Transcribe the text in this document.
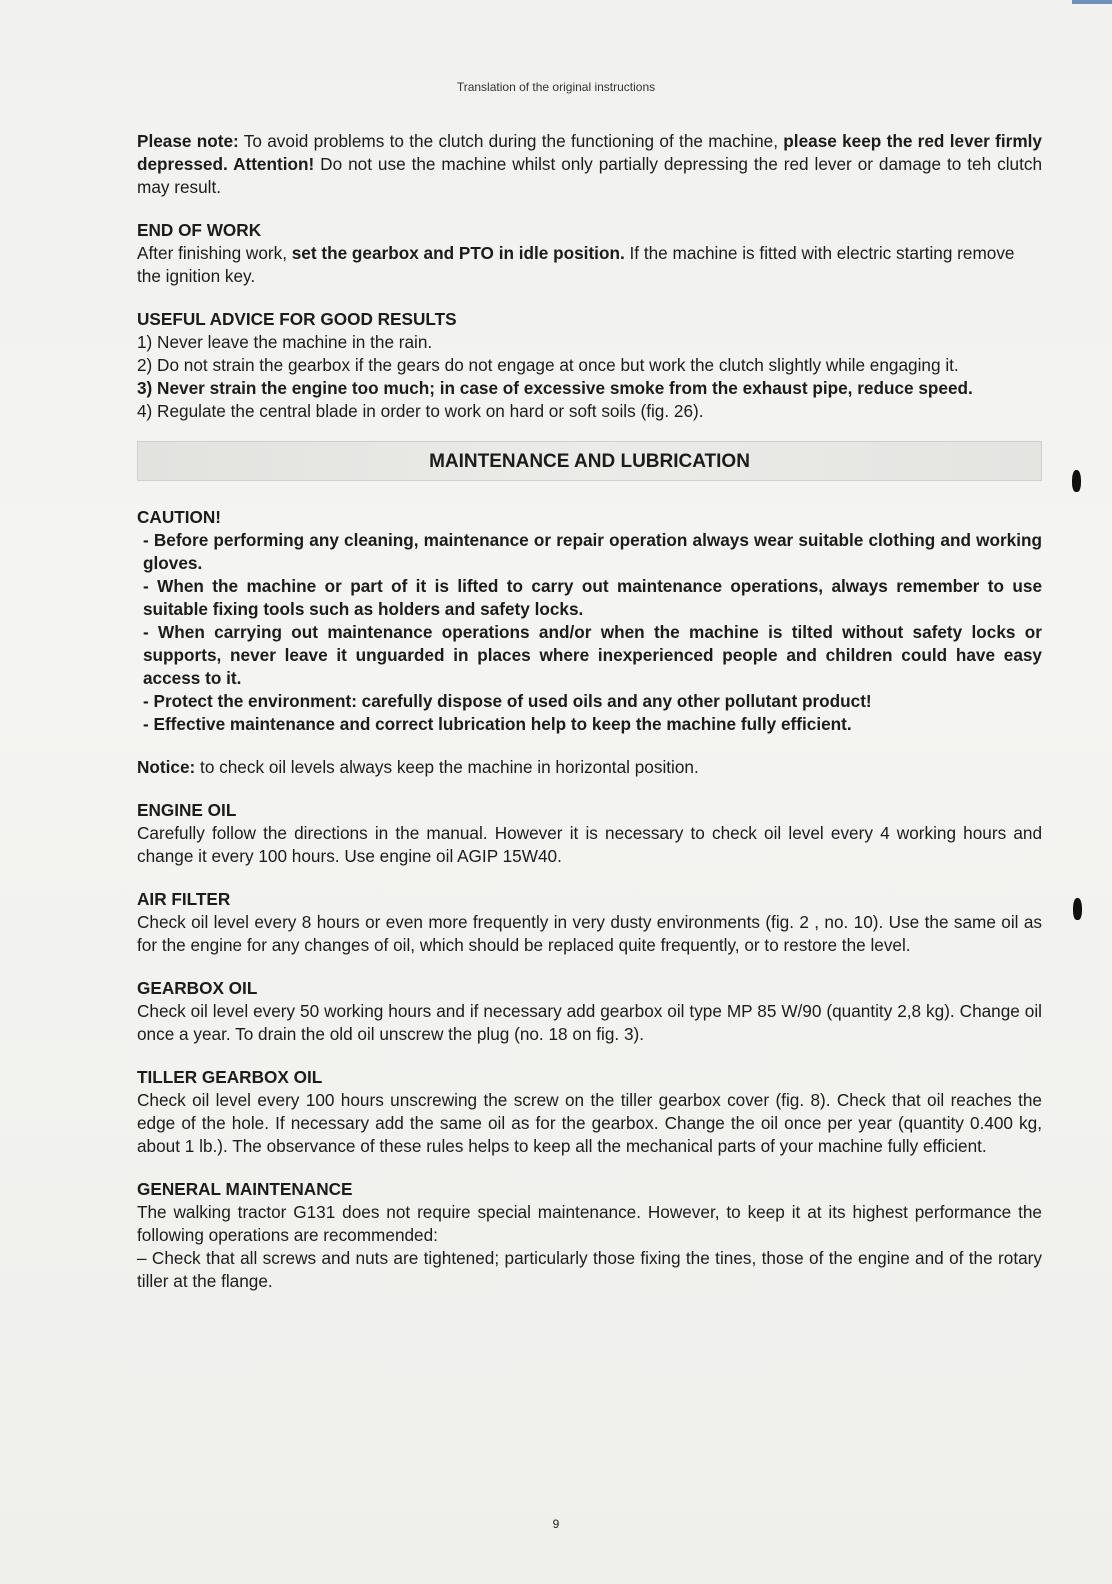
Translation of the original instructions

Please note: To avoid problems to the clutch during the functioning of the machine, please keep the red lever firmly depressed. Attention! Do not use the machine whilst only partially depressing the red lever or damage to teh clutch may result.

END OF WORK

After finishing work, set the gearbox and PTO in idle position. If the machine is fitted with electric starting remove the ignition key.

USEFUL ADVICE FOR GOOD RESULTS

1) Never leave the machine in the rain.

2) Do not strain the gearbox if the gears do not engage at once but work the clutch slightly while engaging it.

3) Never strain the engine too much; in case of excessive smoke from the exhaust pipe, reduce speed.

4) Regulate the central blade in order to work on hard or soft soils (fig. 26).

MAINTENANCE AND LUBRICATION

CAUTION!

- Before performing any cleaning, maintenance or repair operation always wear suitable clothing and working gloves.

- When the machine or part of it is lifted to carry out maintenance operations, always remember to use suitable fixing tools such as holders and safety locks.

- When carrying out maintenance operations and/or when the machine is tilted without safety locks or supports, never leave it unguarded in places where inexperienced people and children could have easy access to it.

- Protect the environment: carefully dispose of used oils and any other pollutant product!

- Effective maintenance and correct lubrication help to keep the machine fully efficient.

Notice: to check oil levels always keep the machine in horizontal position.

ENGINE OIL

Carefully follow the directions in the manual. However it is necessary to check oil level every 4 working hours and change it every 100 hours. Use engine oil AGIP 15W40.

AIR FILTER

Check oil level every 8 hours or even more frequently in very dusty environments (fig. 2 , no. 10). Use the same oil as for the engine for any changes of oil, which should be replaced quite frequently, or to restore the level.

GEARBOX OIL

Check oil level every 50 working hours and if necessary add gearbox oil type MP 85 W/90 (quantity 2,8 kg). Change oil once a year. To drain the old oil unscrew the plug (no. 18 on fig. 3).

TILLER GEARBOX OIL

Check oil level every 100 hours unscrewing the screw on the tiller gearbox cover (fig. 8). Check that oil reaches the edge of the hole. If necessary add the same oil as for the gearbox. Change the oil once per year (quantity 0.400 kg, about 1 lb.). The observance of these rules helps to keep all the mechanical parts of your machine fully efficient.

GENERAL MAINTENANCE

The walking tractor G131 does not require special maintenance. However, to keep it at its highest performance the following operations are recommended:

– Check that all screws and nuts are tightened; particularly those fixing the tines, those of the engine and of the rotary tiller at the flange.

9
